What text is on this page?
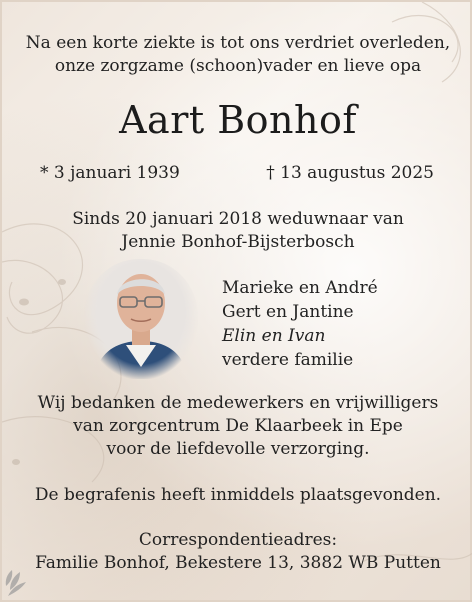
Na een korte ziekte is tot ons verdriet overleden,
onze zorgzame (schoon)vader en lieve opa
Aart Bonhof
* 3 januari 1939	† 13 augustus 2025
Sinds 20 januari 2018 weduwnaar van
Jennie Bonhof-Bijsterbosch
Marieke en André
Gert en Jantine
Elin en Ivan
verdere familie
Wij bedanken de medewerkers en vrijwilligers
van zorgcentrum De Klaarbeek in Epe
voor de liefdevolle verzorging.
De begrafenis heeft inmiddels plaatsgevonden.
Correspondentieadres:
Familie Bonhof, Bekestere 13, 3882 WB Putten
